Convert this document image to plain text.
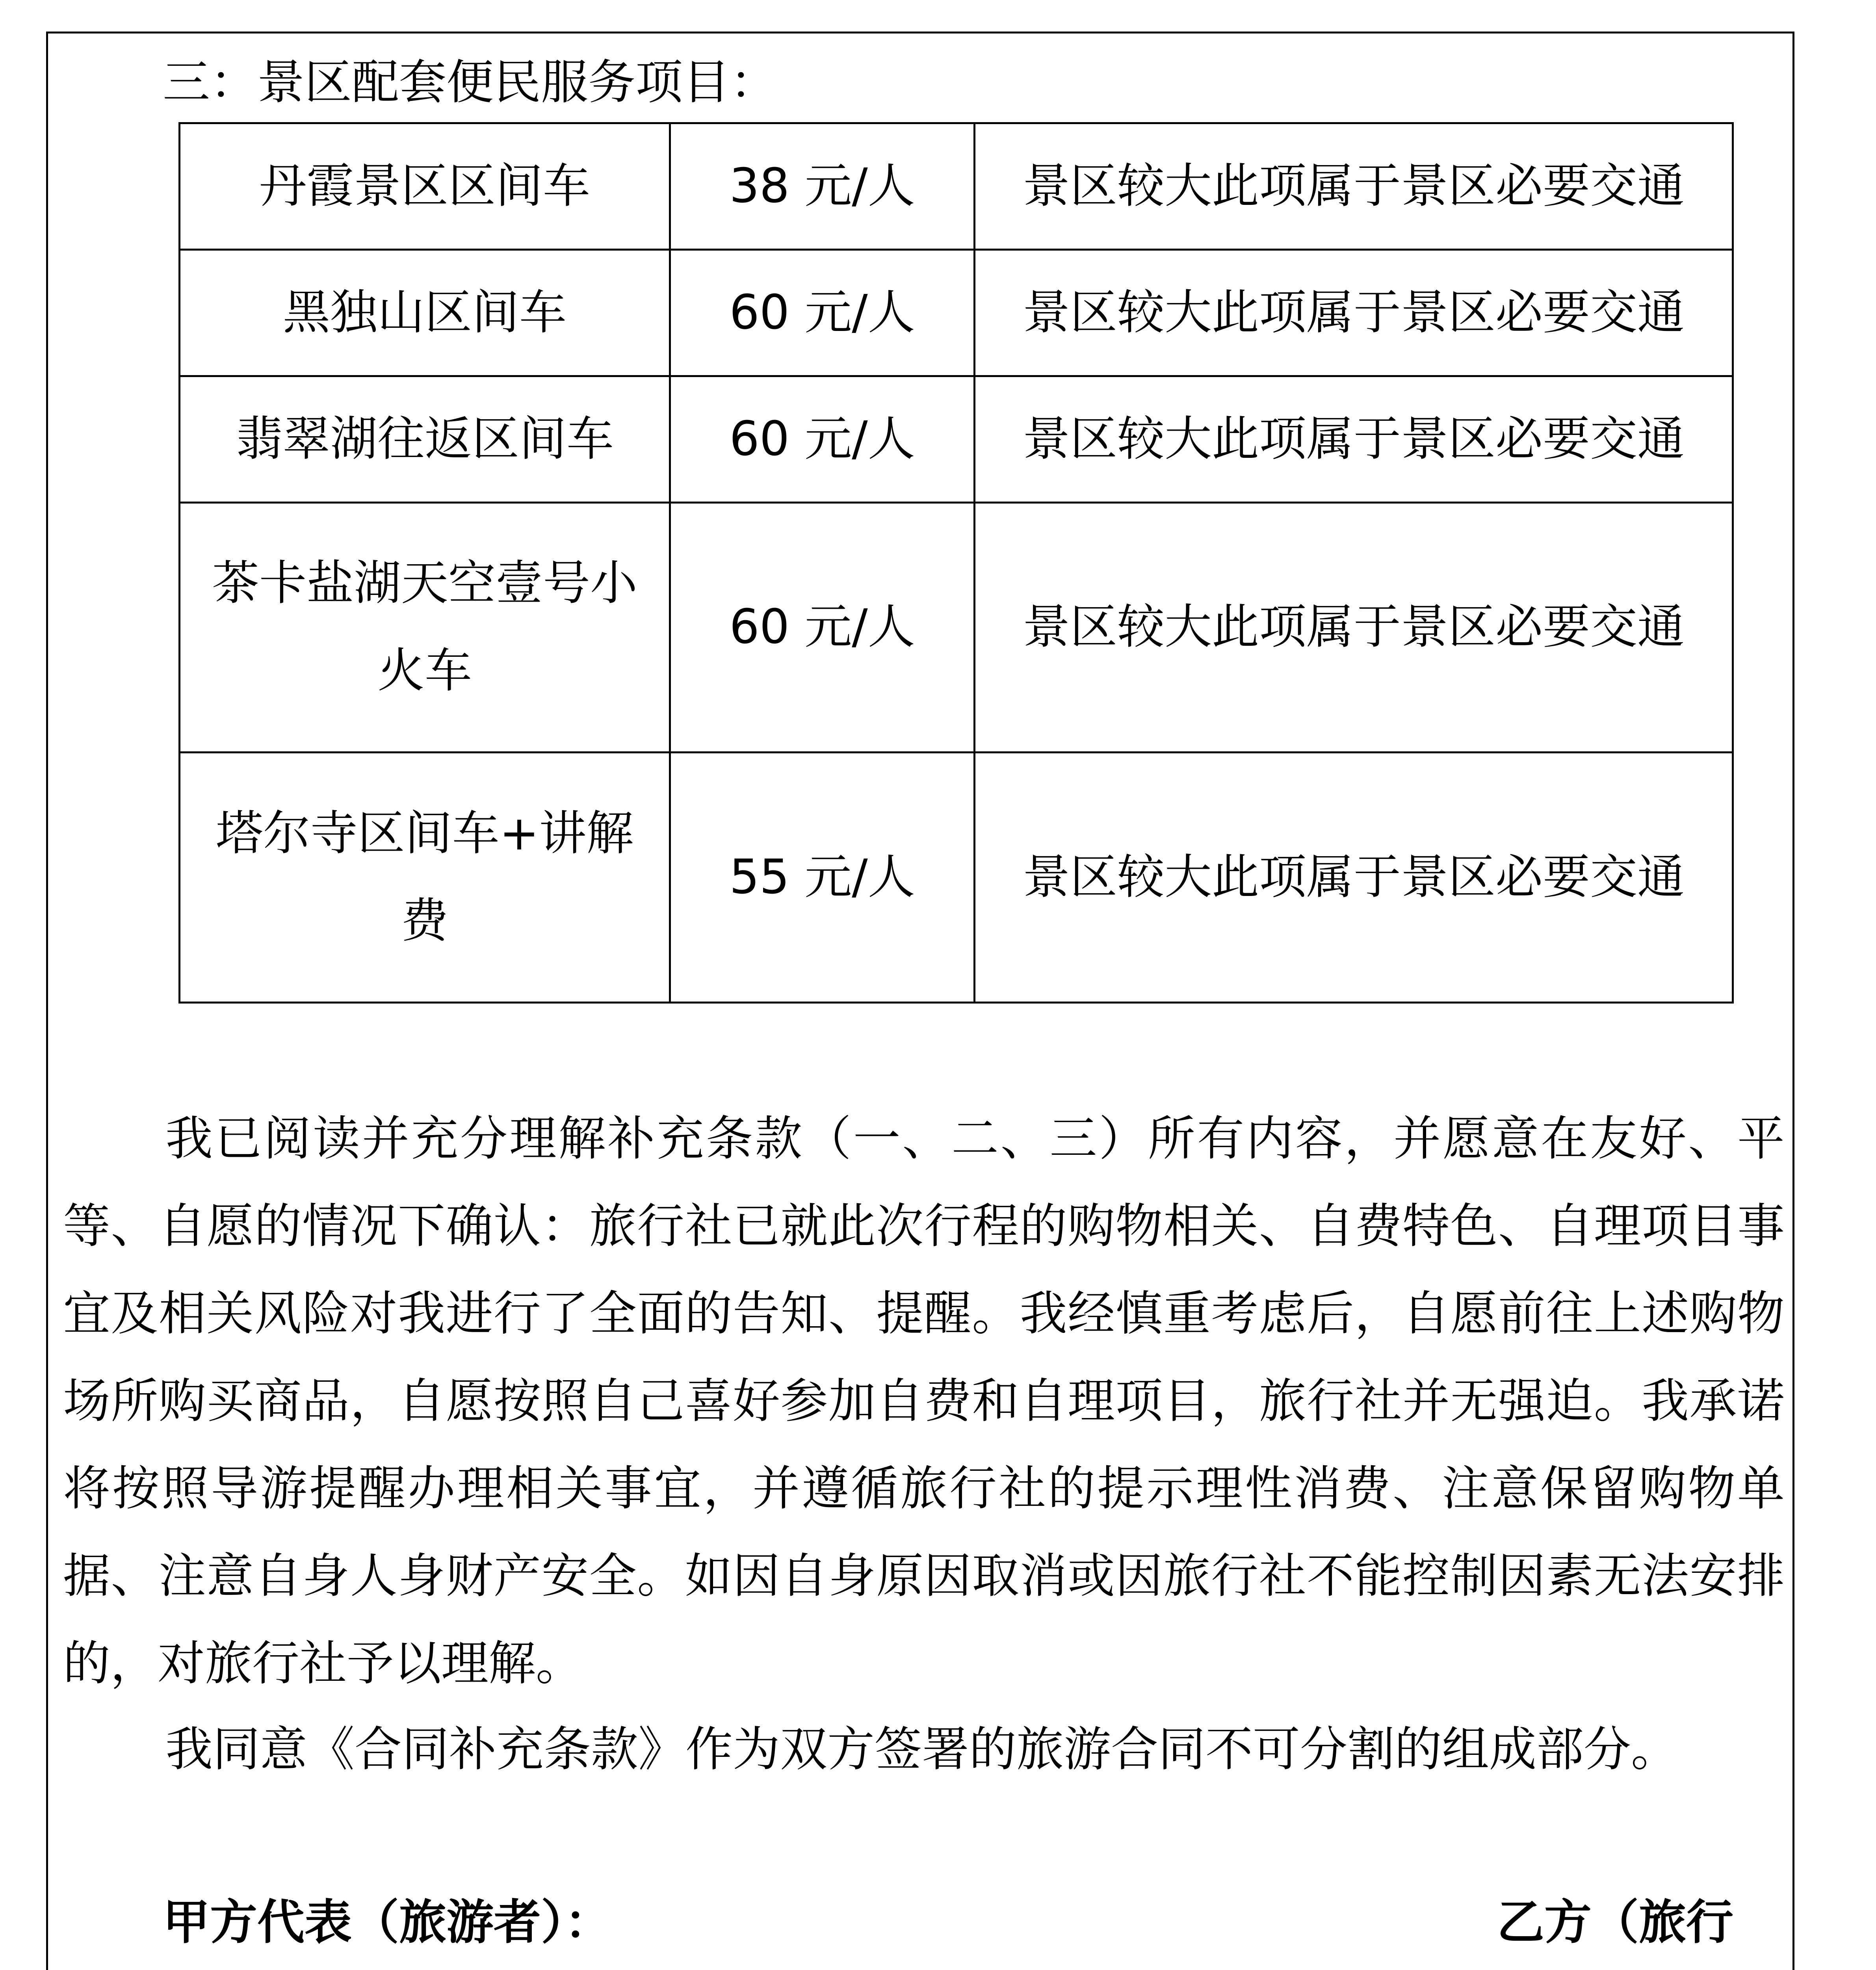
三：景区配套便民服务项目：
丹霞景区区间车	38 元/人	景区较大此项属于景区必要交通
黑独山区间车	60 元/人	景区较大此项属于景区必要交通
翡翠湖往返区间车	60 元/人	景区较大此项属于景区必要交通
茶卡盐湖天空壹号小火车	60 元/人	景区较大此项属于景区必要交通
塔尔寺区间车+讲解费	55 元/人	景区较大此项属于景区必要交通
我已阅读并充分理解补充条款（一、二、三）所有内容，并愿意在友好、平等、自愿的情况下确认：旅行社已就此次行程的购物相关、自费特色、自理项目事宜及相关风险对我进行了全面的告知、提醒。我经慎重考虑后，自愿前往上述购物场所购买商品，自愿按照自己喜好参加自费和自理项目，旅行社并无强迫。我承诺将按照导游提醒办理相关事宜，并遵循旅行社的提示理性消费、注意保留购物单据、注意自身人身财产安全。如因自身原因取消或因旅行社不能控制因素无法安排的，对旅行社予以理解。
我同意《合同补充条款》作为双方签署的旅游合同不可分割的组成部分。
甲方代表（旅游者）：	乙方（旅行
